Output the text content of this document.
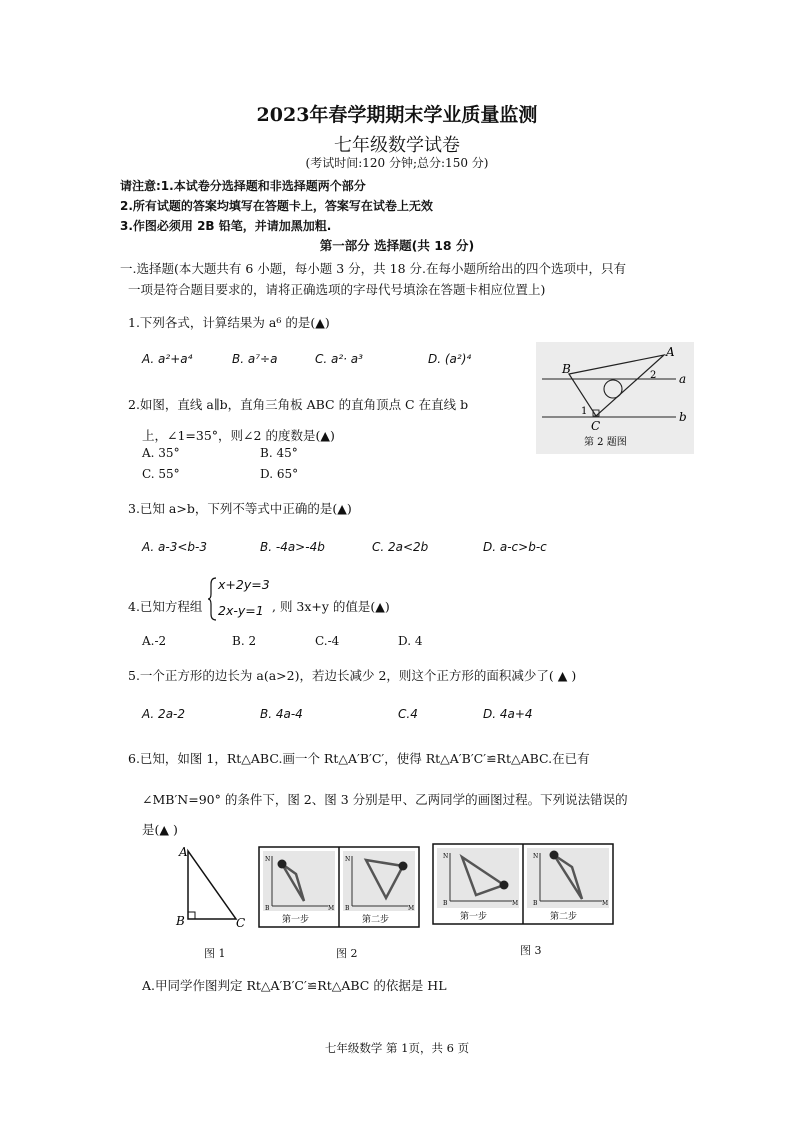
2023年春学期期末学业质量监测
七年级数学试卷
(考试时间:120 分钟;总分:150 分)
请注意:1.本试卷分选择题和非选择题两个部分
2.所有试题的答案均填写在答题卡上，答案写在试卷上无效
3.作图必须用 2B 铅笔，并请加黑加粗.
第一部分 选择题(共 18 分)
一.选择题(本大题共有 6 小题，每小题 3 分，共 18 分.在每小题所给出的四个选项中，只有
一项是符合题目要求的，请将正确选项的字母代号填涂在答题卡相应位置上)
1.下列各式，计算结果为 a⁶ 的是(▲)
A. a²+a⁴	B. a⁷÷a	C. a²· a³	D. (a²)⁴	A
B
C
a
b
1
2
第 2 题图
2.如图，直线 a∥b，直角三角板 ABC 的直角顶点 C 在直线 b
上，∠1=35°，则∠2 的度数是(▲)
A. 35°	B. 45°
C. 55°	D. 65°
3.已知 a>b，下列不等式中正确的是(▲)
A. a-3<b-3	B. -4a>-4b	C. 2a<2b	D. a-c>b-c
4.已知方程组
x+2y=3
2x-y=1 , 则 3x+y 的值是(▲)
A.-2	B. 2	C.-4	D. 4
5.一个正方形的边长为 a(a>2)，若边长减少 2，则这个正方形的面积减少了( ▲ )
A. 2a-2	B. 4a-4	C.4	D. 4a+4
6.已知，如图 1，Rt△ABC.画一个 Rt△A′B′C′，使得 Rt△A′B′C′≌Rt△ABC.在已有
∠MB′N=90° 的条件下，图 2、图 3 分别是甲、乙两同学的画图过程。下列说法错误的
是(▲ )
A
B	C
图 1
N
B	M
N
B	M
第一步	第二步
图 2
N
B	M
N
B	M
第一步	第二步
图 3
A.甲同学作图判定 Rt△A′B′C′≌Rt△ABC 的依据是 HL
七年级数学 第 1页，共 6 页
